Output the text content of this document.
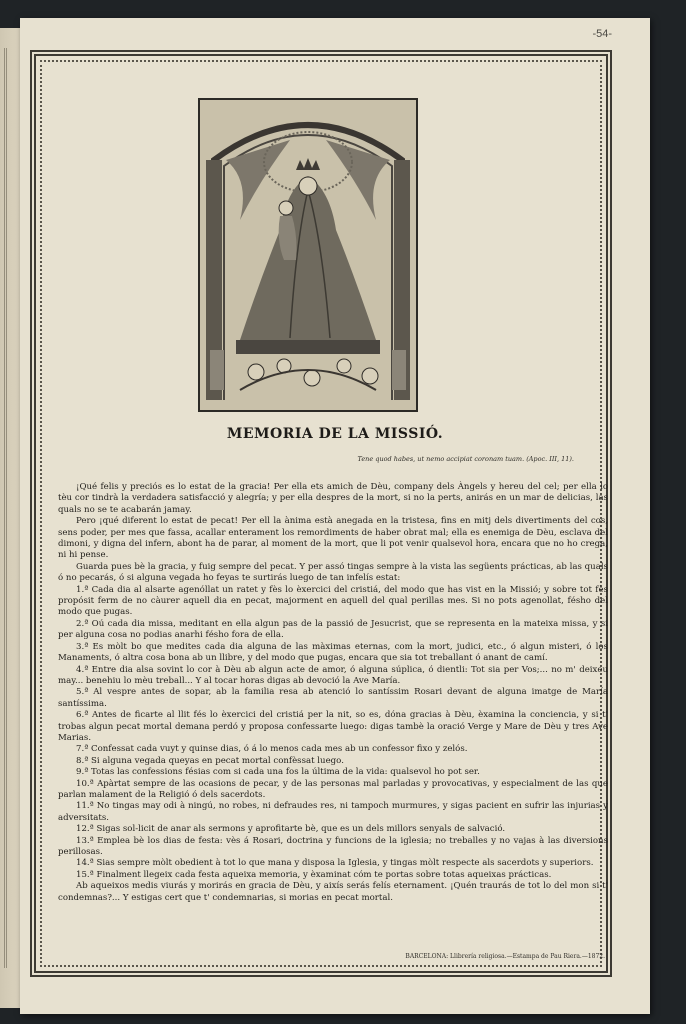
-54-
MEMORIA DE LA MISSIÓ.
Tene quod habes, ut nemo accipiat coronam tuam. (Apoc. III, 11).

¡Qué felis y preciós es lo estat de la gracia! Per ella ets amich de Dèu, company dels Àngels y hereu del cel; per ella lo tèu cor tindrà la verdadera satisfacció y alegría; y per ella despres de la mort, si no la perts, anirás en un mar de delicias, las quals no se te acabarán jamay.

Pero ¡qué diferent lo estat de pecat! Per ell la ànima està anegada en la tristesa, fins en mitj dels divertiments del cos, sens poder, per mes que fassa, acallar enterament los remordiments de haber obrat mal; ella es enemiga de Dèu, esclava del dimoni, y digna del infern, abont ha de parar, al moment de la mort, que li pot venir qualsevol hora, encara que no ho crega, ni hi pense.

Guarda pues bè la gracia, y fuig sempre del pecat. Y per assó tingas sempre à la vista las següents prácticas, ab las quals ó no pecarás, ó si alguna vegada ho feyas te surtirás luego de tan infelís estat:

1.ª Cada dia al alsarte agenóllat un ratet y fès lo èxercici del cristiá, del modo que has vist en la Missió; y sobre tot fès propósit ferm de no càurer aquell dia en pecat, majorment en aquell del qual perillas mes. Si no pots agenollat, fésho del modo que pugas.

2.ª Oú cada dia missa, meditant en ella algun pas de la passió de Jesucrist, que se representa en la mateixa missa, y si per alguna cosa no podias anarhi fésho fora de ella.

3.ª Es mòlt bo que medites cada dia alguna de las màximas eternas, com la mort, judici, etc., ó algun misteri, ó los Manaments, ó altra cosa bona ab un llibre, y del modo que pugas, encara que sia tot treballant ó anant de camí.

4.ª Entre dia alsa sovint lo cor à Dèu ab algun acte de amor, ó alguna súplica, ó dientli: Tot sia per Vos;... no m' deixeu may... benehiu lo mèu treball... Y al tocar horas digas ab devoció la Ave María.

5.ª Al vespre antes de sopar, ab la familia resa ab atenció lo santíssim Rosari devant de alguna imatge de María santíssima.

6.ª Antes de ficarte al llit fés lo èxercici del cristiá per la nit, so es, dóna gracias à Dèu, èxamina la conciencia, y si t' trobas algun pecat mortal demana perdó y proposa confessarte luego: digas tambè la oració Verge y Mare de Dèu y tres Ave Marias.

7.ª Confessat cada vuyt y quinse dias, ó á lo menos cada mes ab un confessor fixo y zelós.

8.ª Si alguna vegada queyas en pecat mortal confèssat luego.

9.ª Totas las confessions fésias com si cada una fos la última de la vida: qualsevol ho pot ser.

10.ª Apàrtat sempre de las ocasions de pecar, y de las personas mal parladas y provocativas, y especialment de las que parlan malament de la Religió ó dels sacerdots.

11.ª No tingas may odi à ningú, no robes, ni defraudes res, ni tampoch murmures, y sigas pacient en sufrir las injurias y adversitats.

12.ª Sigas sol-licit de anar als sermons y aprofitarte bè, que es un dels millors senyals de salvació.

13.ª Emplea bè los dias de festa: vès á Rosari, doctrina y funcions de la iglesia; no treballes y no vajas à las diversions perillosas.

14.ª Sias sempre mòlt obedient à tot lo que mana y disposa la Iglesia, y tingas mòlt respecte als sacerdots y superiors.

15.ª Finalment llegeix cada festa aqueixa memoria, y èxaminat cóm te portas sobre totas aqueixas prácticas.

Ab aqueixos medis viurás y morirás en gracia de Dèu, y aixís serás felís eternament. ¡Quén traurás de tot lo del mon si t' condemnas?... Y estigas cert que t' condemnarias, si morias en pecat mortal.

BARCELONA: Llibrería religiosa.—Estampa de Pau Riera.—1872.
